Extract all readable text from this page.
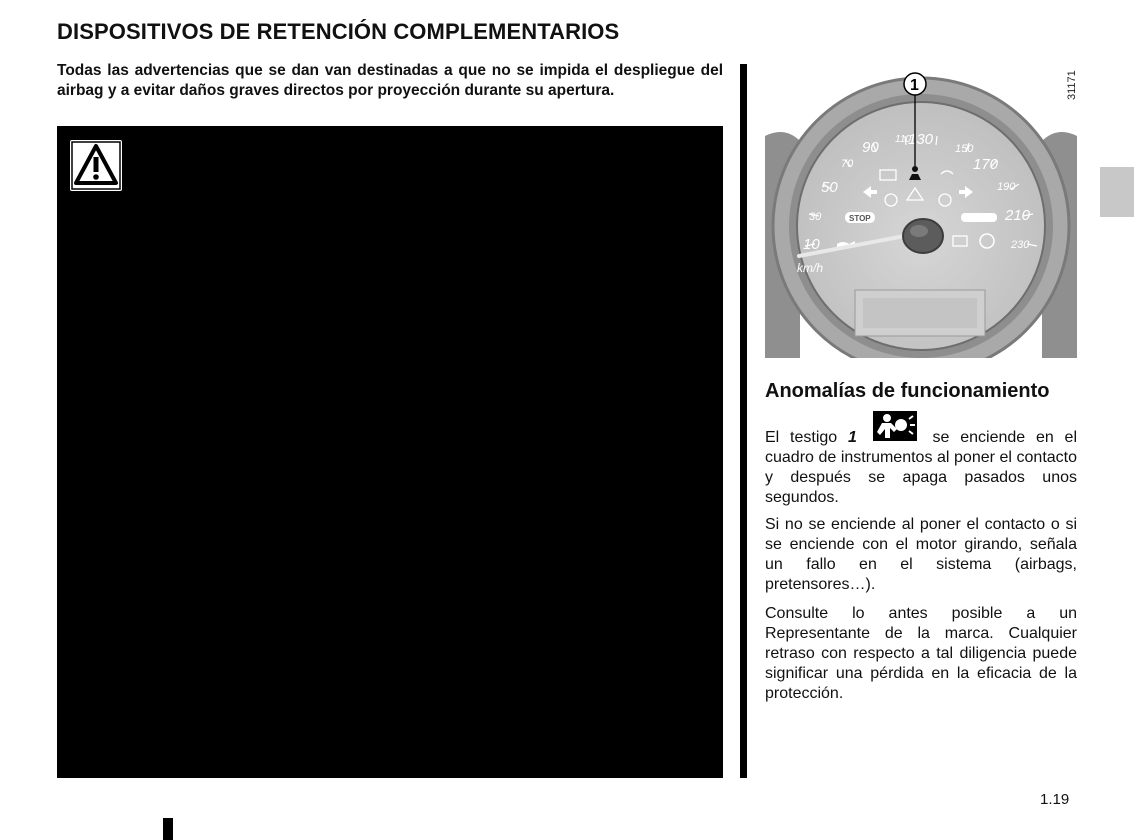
DISPOSITIVOS DE RETENCIÓN COMPLEMENTARIOS
Todas las advertencias que se dan van destinadas a que no se impida el despliegue del airbag y a evitar daños graves directos por proyección durante su apertura.
10
30
50
70
90 110
130
150
170
190
210
230
km/h
STOP
1	31171
Anomalías de funcionamiento
El testigo 1	se enciende en el cuadro de instrumentos al poner el contacto y después se apaga pasados unos segundos.
Si no se enciende al poner el contacto o si se enciende con el motor girando, señala un fallo en el sistema (airbags, pretensores…).
Consulte lo antes posible a un Representante de la marca. Cualquier retraso con respecto a tal diligencia puede significar una pérdida en la eficacia de la protección.
1.19
